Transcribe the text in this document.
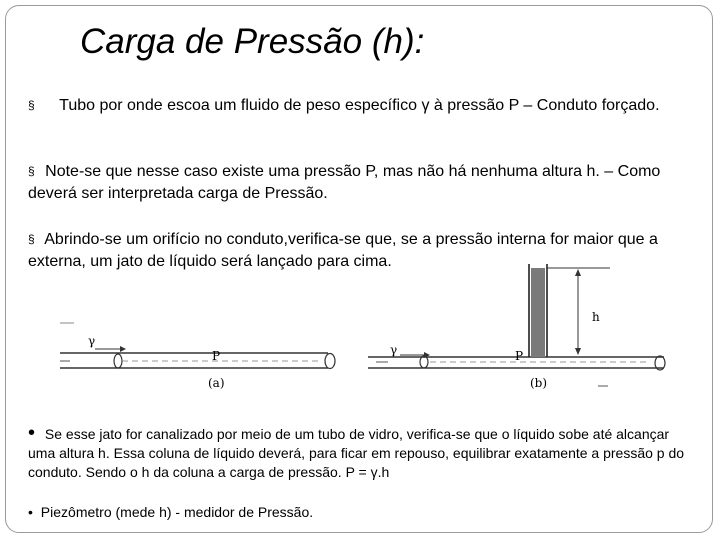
Carga de Pressão (h):
§ Tubo por onde escoa um fluido de peso específico γ à pressão P – Conduto forçado.
§ Note-se que nesse caso existe uma pressão P, mas não há nenhuma altura h. – Como deverá ser interpretada carga de Pressão.
§ Abrindo-se um orifício no conduto,verifica-se que, se a pressão interna for maior que a externa, um jato de líquido será lançado para cima.
γ
P
(a)
γ	P
(b)
h
• Se esse jato for canalizado por meio de um tubo de vidro, verifica-se que o líquido sobe até alcançar uma altura h. Essa coluna de líquido deverá, para ficar em repouso, equilibrar exatamente a pressão p do conduto. Sendo o h da coluna a carga de pressão. P = γ.h
• Piezômetro (mede h) - medidor de Pressão.
